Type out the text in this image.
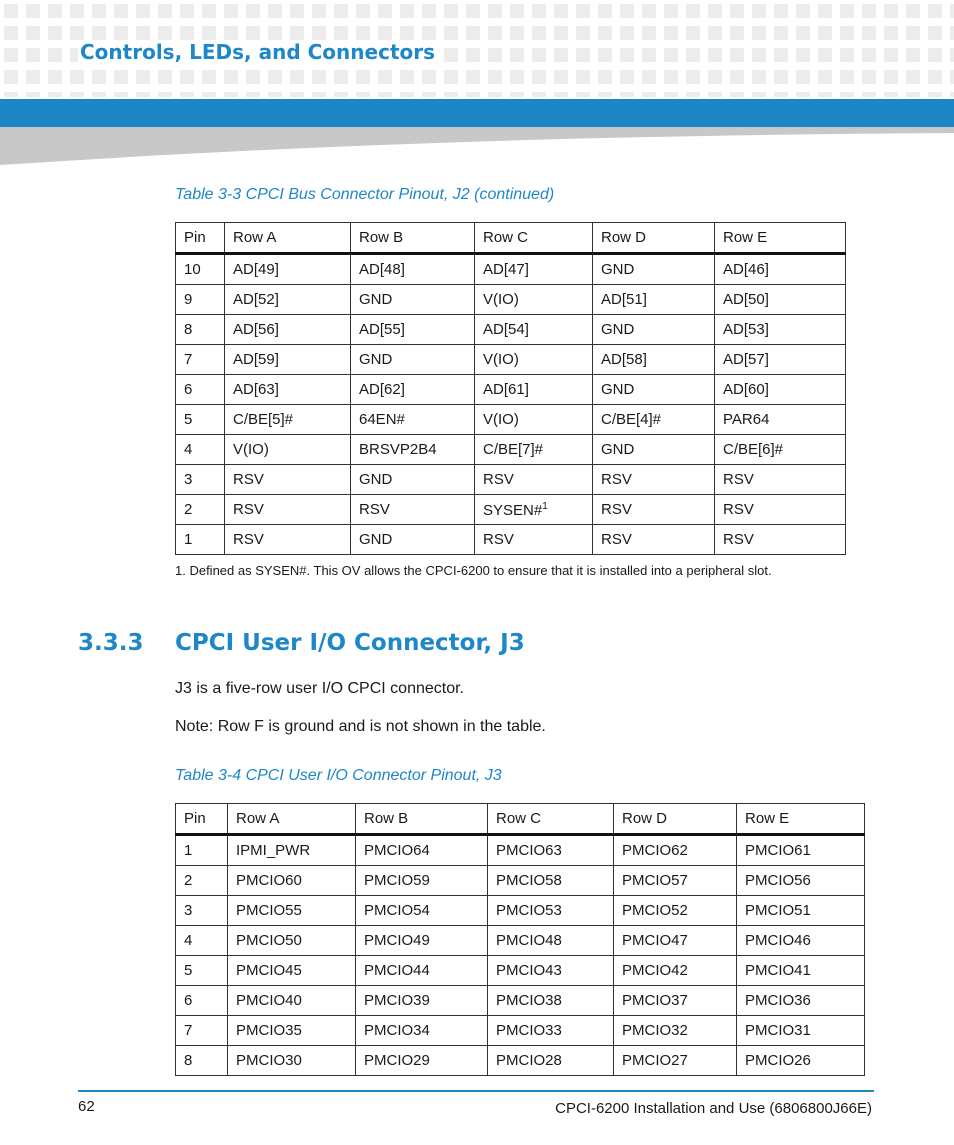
Controls, LEDs, and Connectors

Table 3-3 CPCI Bus Connector Pinout, J2 (continued)

Pin	Row A	Row B	Row C	Row D	Row E
10	AD[49]	AD[48]	AD[47]	GND	AD[46]
9	AD[52]	GND	V(IO)	AD[51]	AD[50]
8	AD[56]	AD[55]	AD[54]	GND	AD[53]
7	AD[59]	GND	V(IO)	AD[58]	AD[57]
6	AD[63]	AD[62]	AD[61]	GND	AD[60]
5	C/BE[5]#	64EN#	V(IO)	C/BE[4]#	PAR64
4	V(IO)	BRSVP2B4	C/BE[7]#	GND	C/BE[6]#
3	RSV	GND	RSV	RSV	RSV
2	RSV	RSV	SYSEN#$^1$	RSV	RSV
1	RSV	GND	RSV	RSV	RSV

1. Defined as SYSEN#. This OV allows the CPCI-6200 to ensure that it is installed into a peripheral slot.

3.3.3 CPCI User I/O Connector, J3

J3 is a five-row user I/O CPCI connector.

Note: Row F is ground and is not shown in the table.

Table 3-4 CPCI User I/O Connector Pinout, J3

Pin	Row A	Row B	Row C	Row D	Row E
1	IPMI_PWR	PMCIO64	PMCIO63	PMCIO62	PMCIO61
2	PMCIO60	PMCIO59	PMCIO58	PMCIO57	PMCIO56
3	PMCIO55	PMCIO54	PMCIO53	PMCIO52	PMCIO51
4	PMCIO50	PMCIO49	PMCIO48	PMCIO47	PMCIO46
5	PMCIO45	PMCIO44	PMCIO43	PMCIO42	PMCIO41
6	PMCIO40	PMCIO39	PMCIO38	PMCIO37	PMCIO36
7	PMCIO35	PMCIO34	PMCIO33	PMCIO32	PMCIO31
8	PMCIO30	PMCIO29	PMCIO28	PMCIO27	PMCIO26

62	CPCI-6200 Installation and Use (6806800J66E)
